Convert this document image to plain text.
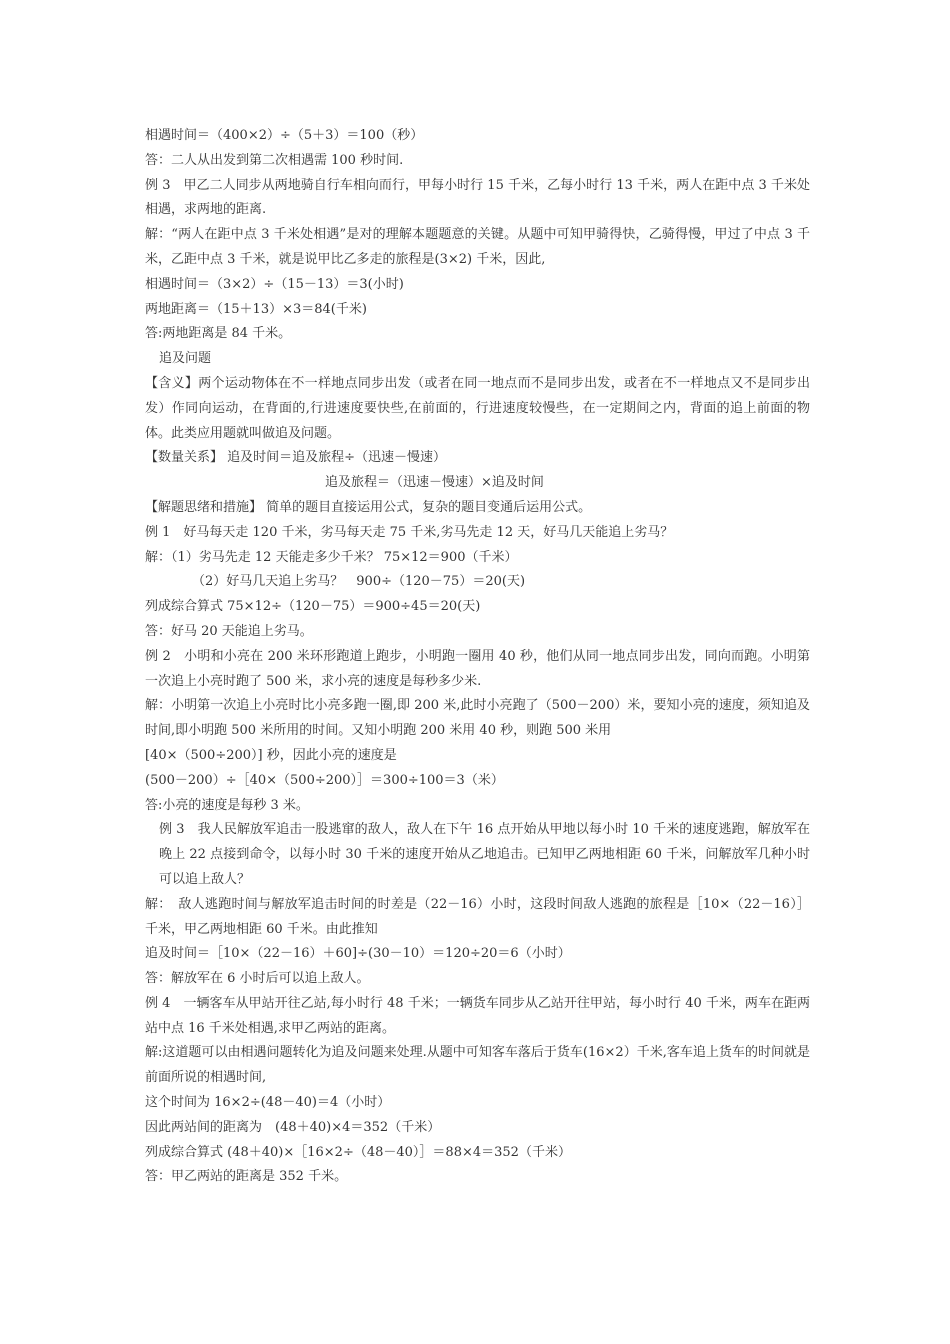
相遇时间＝（400×2）÷（5＋3）＝100（秒）
答：二人从出发到第二次相遇需 100 秒时间.
例 3　甲乙二人同步从两地骑自行车相向而行，甲每小时行 15 千米，乙每小时行 13 千米，两人在距中点 3 千米处相遇，求两地的距离.
解：“两人在距中点 3 千米处相遇”是对的理解本题题意的关键。从题中可知甲骑得快，乙骑得慢，甲过了中点 3 千米，乙距中点 3 千米，就是说甲比乙多走的旅程是(3×2) 千米，因此,
相遇时间＝（3×2）÷（15－13）＝3(小时)
两地距离＝（15＋13）×3＝84(千米)
答:两地距离是 84 千米。
追及问题
【含义】两个运动物体在不一样地点同步出发（或者在同一地点而不是同步出发，或者在不一样地点又不是同步出发）作同向运动，在背面的,行进速度要快些,在前面的，行进速度较慢些，在一定期间之内，背面的追上前面的物体。此类应用题就叫做追及问题。
【数量关系】 追及时间＝追及旅程÷（迅速－慢速）
追及旅程＝（迅速－慢速）×追及时间
【解题思绪和措施】 简单的题目直接运用公式，复杂的题目变通后运用公式。
例 1　好马每天走 120 千米，劣马每天走 75 千米,劣马先走 12 天，好马几天能追上劣马？
解：（1）劣马先走 12 天能走多少千米？ 75×12＝900（千米）
（2）好马几天追上劣马？　900÷（120－75）＝20(天)
列成综合算式 75×12÷（120－75）＝900÷45＝20(天)
答：好马 20 天能追上劣马。
例 2　小明和小亮在 200 米环形跑道上跑步，小明跑一圈用 40 秒，他们从同一地点同步出发，同向而跑。小明第一次追上小亮时跑了 500 米，求小亮的速度是每秒多少米.
解：小明第一次追上小亮时比小亮多跑一圈,即 200 米,此时小亮跑了（500－200）米，要知小亮的速度，须知追及时间,即小明跑 500 米所用的时间。又知小明跑 200 米用 40 秒，则跑 500 米用
[40×（500÷200）] 秒，因此小亮的速度是
(500－200）÷［40×（500÷200）］＝300÷100＝3（米）
答:小亮的速度是每秒 3 米。
例 3　我人民解放军追击一股逃窜的敌人，敌人在下午 16 点开始从甲地以每小时 10 千米的速度逃跑，解放军在晚上 22 点接到命令，以每小时 30 千米的速度开始从乙地追击。已知甲乙两地相距 60 千米，问解放军几种小时可以追上敌人？
解：　敌人逃跑时间与解放军追击时间的时差是（22－16）小时，这段时间敌人逃跑的旅程是［10×（22－16）］千米，甲乙两地相距 60 千米。由此推知
追及时间＝［10×（22－16）＋60]÷(30－10）＝120÷20＝6（小时）
答：解放军在 6 小时后可以追上敌人。
例 4　一辆客车从甲站开往乙站,每小时行 48 千米；一辆货车同步从乙站开往甲站，每小时行 40 千米，两车在距两站中点 16 千米处相遇,求甲乙两站的距离。
解:这道题可以由相遇问题转化为追及问题来处理.从题中可知客车落后于货车(16×2）千米,客车追上货车的时间就是前面所说的相遇时间,
这个时间为 16×2÷(48－40)＝4（小时）
因此两站间的距离为　(48＋40)×4＝352（千米）
列成综合算式 (48＋40)×［16×2÷（48－40）］＝88×4＝352（千米）
答：甲乙两站的距离是 352 千米。
